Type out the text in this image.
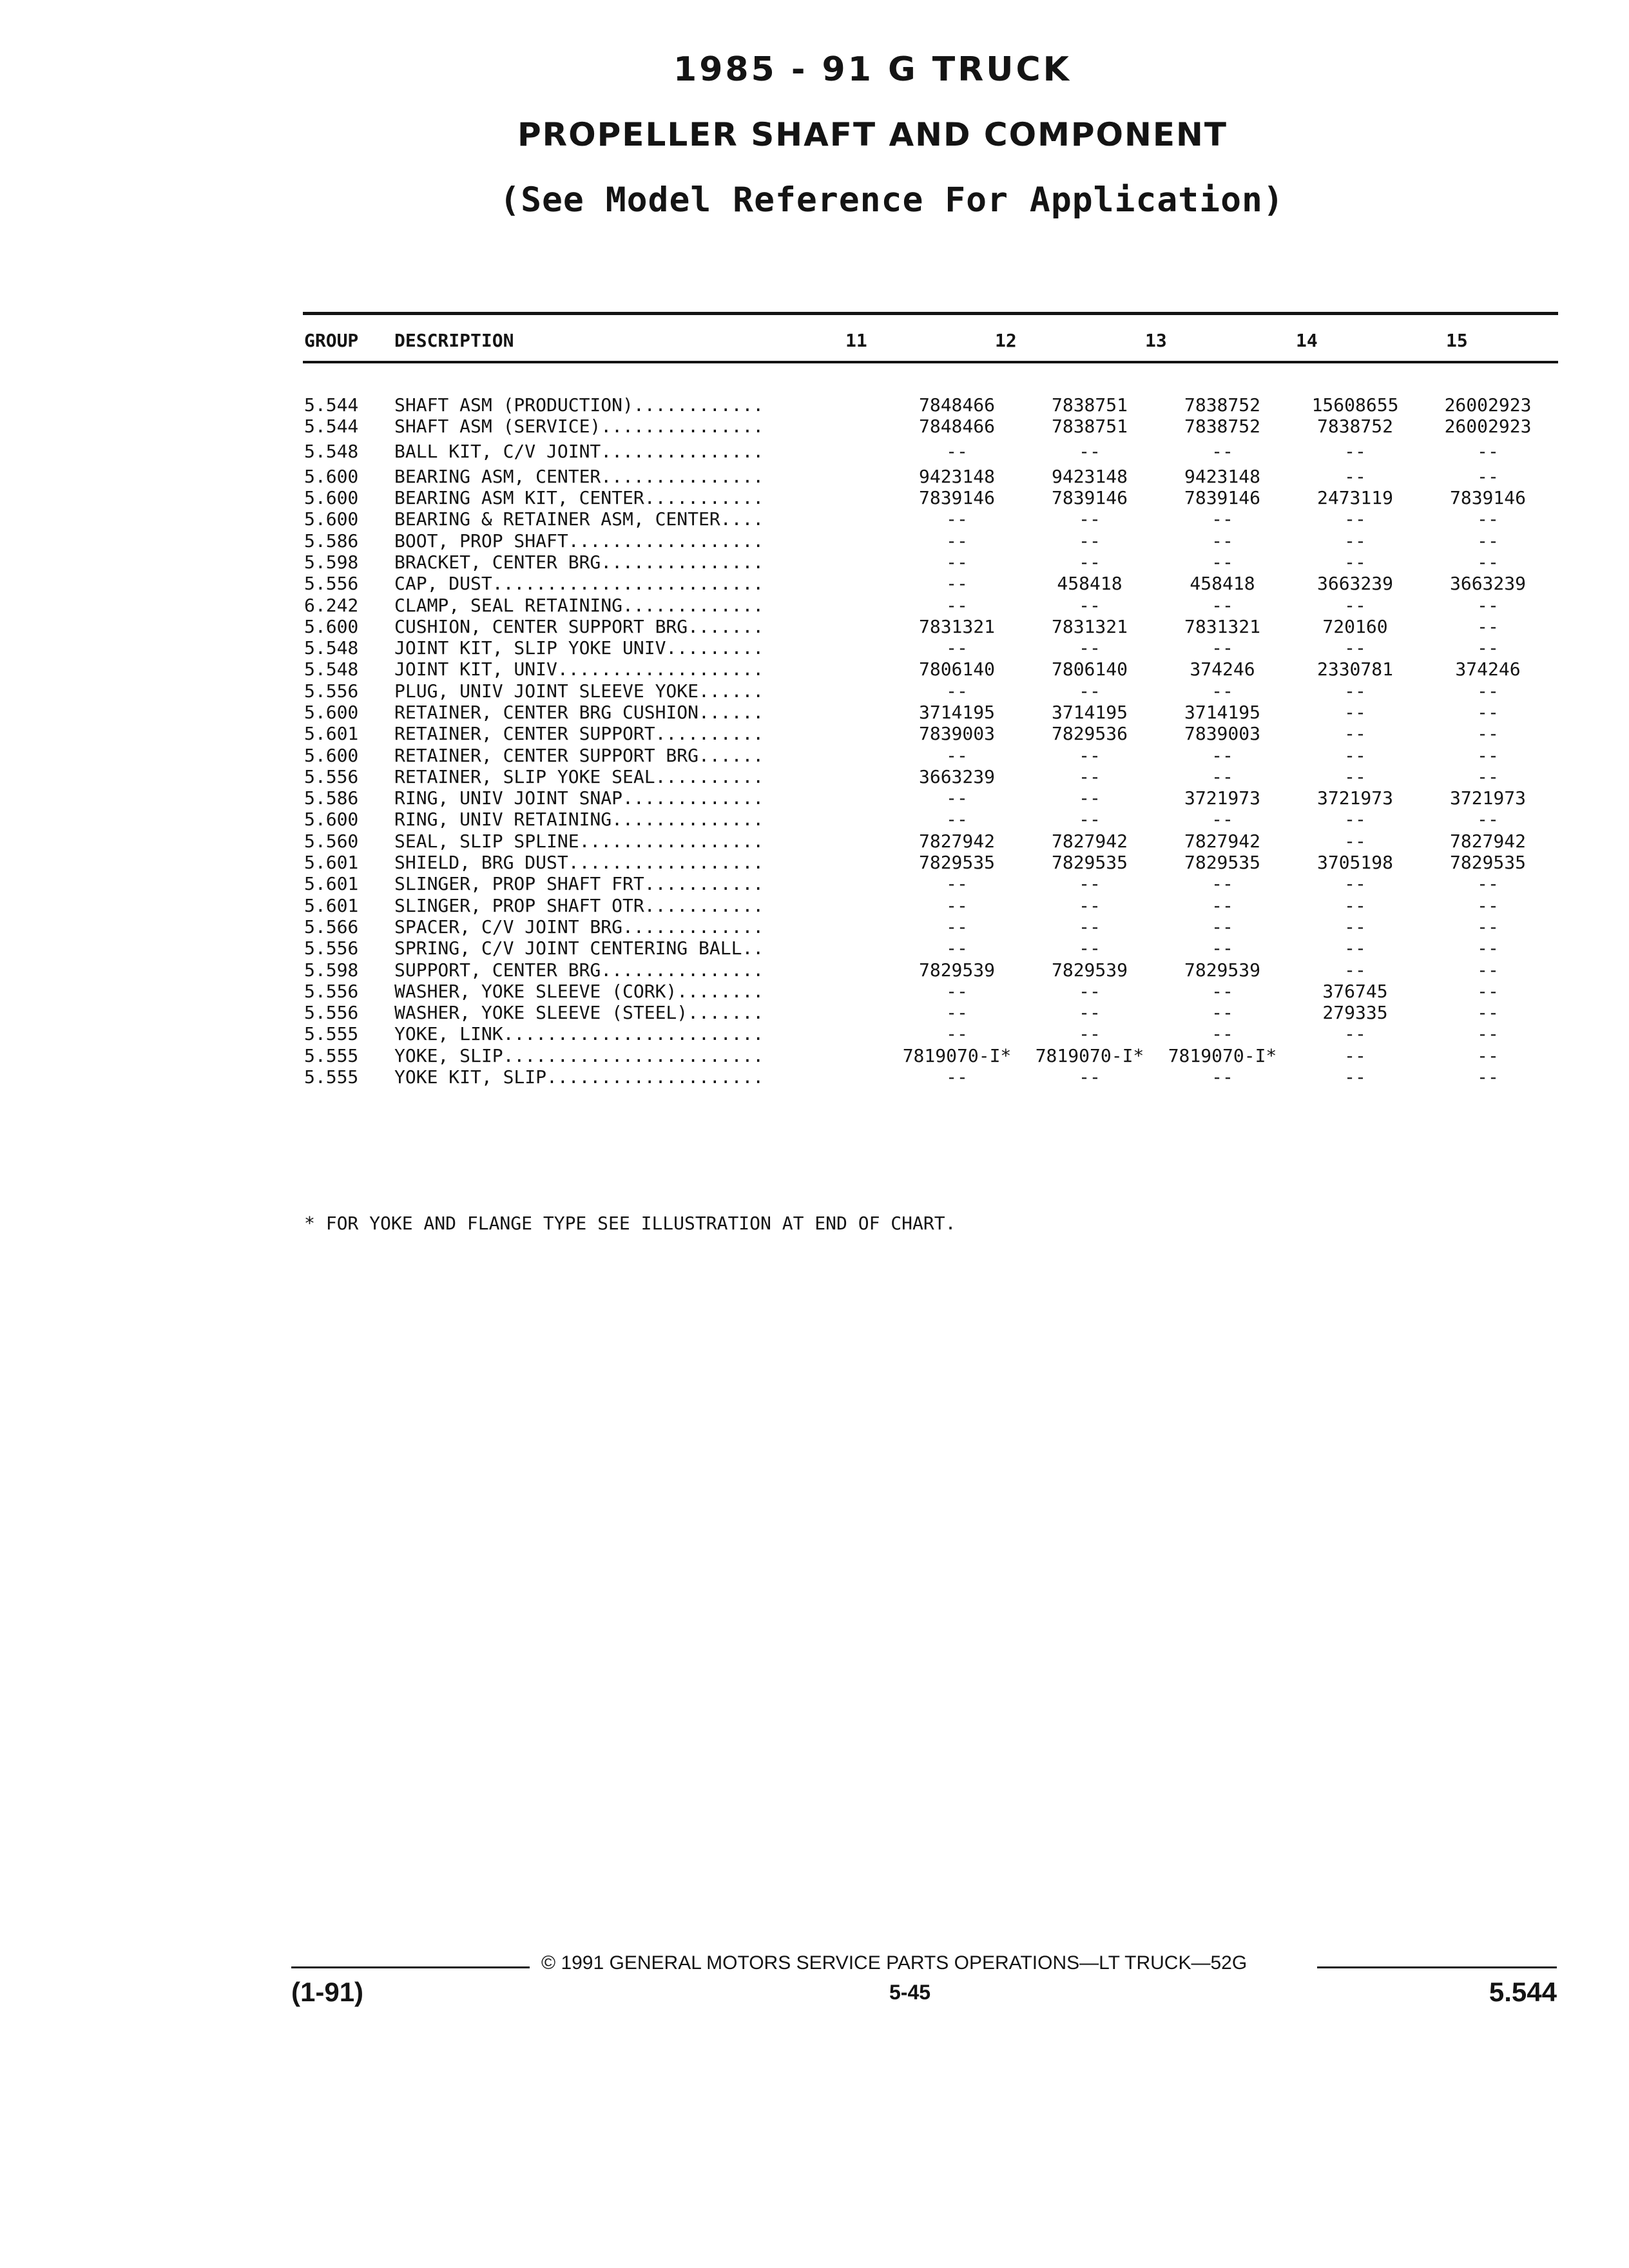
1985 - 91 G TRUCK
PROPELLER SHAFT AND COMPONENT
(See Model Reference For Application)
GROUP DESCRIPTION	11	12	13	14	15
5.544	SHAFT ASM (PRODUCTION)............	7848466	7838751	7838752	15608655	26002923
5.544	SHAFT ASM (SERVICE)...............	7848466	7838751	7838752	7838752	26002923
5.548	BALL KIT, C/V JOINT...............	--	--	--	--	--
5.600	BEARING ASM, CENTER...............	9423148	9423148	9423148	--	--
5.600	BEARING ASM KIT, CENTER...........	7839146	7839146	7839146	2473119	7839146
5.600	BEARING & RETAINER ASM, CENTER....	--	--	--	--	--
5.586	BOOT, PROP SHAFT..................	--	--	--	--	--
5.598	BRACKET, CENTER BRG...............	--	--	--	--	--
5.556	CAP, DUST.........................	--	458418	458418	3663239	3663239
6.242	CLAMP, SEAL RETAINING.............	--	--	--	--	--
5.600	CUSHION, CENTER SUPPORT BRG.......	7831321	7831321	7831321	720160	--
5.548	JOINT KIT, SLIP YOKE UNIV.........	--	--	--	--	--
5.548	JOINT KIT, UNIV...................	7806140	7806140	374246	2330781	374246
5.556	PLUG, UNIV JOINT SLEEVE YOKE......	--	--	--	--	--
5.600	RETAINER, CENTER BRG CUSHION......	3714195	3714195	3714195	--	--
5.601	RETAINER, CENTER SUPPORT..........	7839003	7829536	7839003	--	--
5.600	RETAINER, CENTER SUPPORT BRG......	--	--	--	--	--
5.556	RETAINER, SLIP YOKE SEAL..........	3663239	--	--	--	--
5.586	RING, UNIV JOINT SNAP.............	--	--	3721973	3721973	3721973
5.600	RING, UNIV RETAINING..............	--	--	--	--	--
5.560	SEAL, SLIP SPLINE.................	7827942	7827942	7827942	--	7827942
5.601	SHIELD, BRG DUST..................	7829535	7829535	7829535	3705198	7829535
5.601	SLINGER, PROP SHAFT FRT...........	--	--	--	--	--
5.601	SLINGER, PROP SHAFT OTR...........	--	--	--	--	--
5.566	SPACER, C/V JOINT BRG.............	--	--	--	--	--
5.556	SPRING, C/V JOINT CENTERING BALL..	--	--	--	--	--
5.598	SUPPORT, CENTER BRG...............	7829539	7829539	7829539	--	--
5.556	WASHER, YOKE SLEEVE (CORK)........	--	--	--	376745	--
5.556	WASHER, YOKE SLEEVE (STEEL).......	--	--	--	279335	--
5.555	YOKE, LINK........................	--	--	--	--	--
5.555	YOKE, SLIP........................	7819070-I*	7819070-I*	7819070-I*	--	--
5.555	YOKE KIT, SLIP....................	--	--	--	--	--
* FOR YOKE AND FLANGE TYPE SEE ILLUSTRATION AT END OF CHART.
© 1991 GENERAL MOTORS SERVICE PARTS OPERATIONS—LT TRUCK—52G
(1-91)	5-45	5.544
